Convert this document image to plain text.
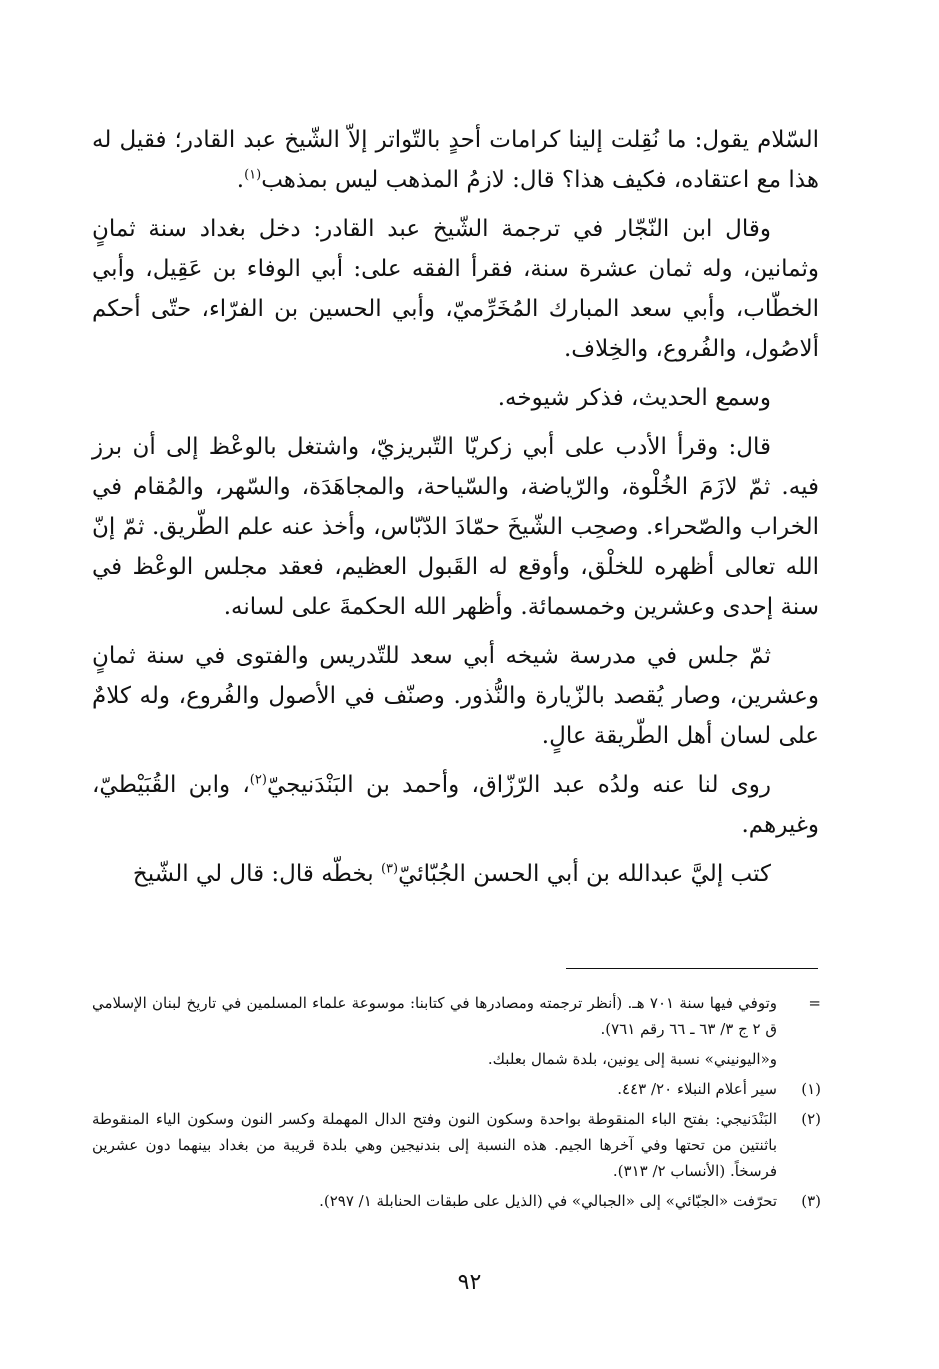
السّلام يقول: ما نُقِلت إلينا كرامات أحدٍ بالتّواتر إلاّ الشّيخ عبد القادر؛ فقيل له هذا مع اعتقاده، فكيف هذا؟ قال: لازمُ المذهب ليس بمذهب$^{(١)}$.

وقال ابن النّجّار في ترجمة الشّيخ عبد القادر: دخل بغداد سنة ثمانٍ وثمانين، وله ثمان عشرة سنة، فقرأ الفقه على: أبي الوفاء بن عَقِيل، وأبي الخطّاب، وأبي سعد المبارك المُخَرِّميّ، وأبي الحسين بن الفرّاء، حتّى أحكم ألاصُول، والفُروع، والخِلاف.

وسمع الحديث، فذكر شيوخه.

قال: وقرأ الأدب على أبي زكريّا التّبريزيّ، واشتغل بالوعْظ إلى أن برز فيه. ثمّ لازَمَ الخُلْوة، والرّياضة، والسّياحة، والمجاهَدَة، والسّهر، والمُقام في الخراب والصّحراء. وصحِب الشّيخَ حمّادَ الدّبّاس، وأخذ عنه علم الطّريق. ثمّ إنّ الله تعالى أظهره للخلْق، وأوقع له القَبول العظيم، فعقد مجلس الوعْظ في سنة إحدى وعشرين وخمسمائة. وأظهر الله الحكمةَ على لسانه.

ثمّ جلس في مدرسة شيخه أبي سعد للتّدريس والفتوى في سنة ثمانٍ وعشرين، وصار يُقصد بالزّيارة والنُّذور. وصنّف في الأصول والفُروع، وله كلامٌ على لسان أهل الطّريقة عالٍ.

روى لنا عنه ولدُه عبد الرّزّاق، وأحمد بن البَنْدَنيجيّ$^{(٢)}$، وابن القُبَيْطيّ، وغيرهم.

كتب إليَّ عبدالله بن أبي الحسن الجُبّائيّ$^{(٣)}$ بخطّه قال: قال لي الشّيخ

=
وتوفي فيها سنة ٧٠١ هـ. (أنظر ترجمته ومصادرها في كتابنا: موسوعة علماء المسلمين في تاريخ لبنان الإسلامي ق ٢ ج ٣/ ٦٣ ـ ٦٦ رقم ٧٦١).
و«اليونيني» نسبة إلى يونين، بلدة شمال بعلبك.
(١)
سير أعلام النبلاء ٢٠/ ٤٤٣.
(٢)
البَنْدَنيجي: بفتح الباء المنقوطة بواحدة وسكون النون وفتح الدال المهملة وكسر النون وسكون الياء المنقوطة باثنتين من تحتها وفي آخرها الجيم. هذه النسبة إلى بندنيجين وهي بلدة قريبة من بغداد بينهما دون عشرين فرسخاً. (الأنساب ٢/ ٣١٣).
(٣)
تحرّفت «الجبّائي» إلى «الجبالي» في (الذيل على طبقات الحنابلة ١/ ٢٩٧).
٩٢
